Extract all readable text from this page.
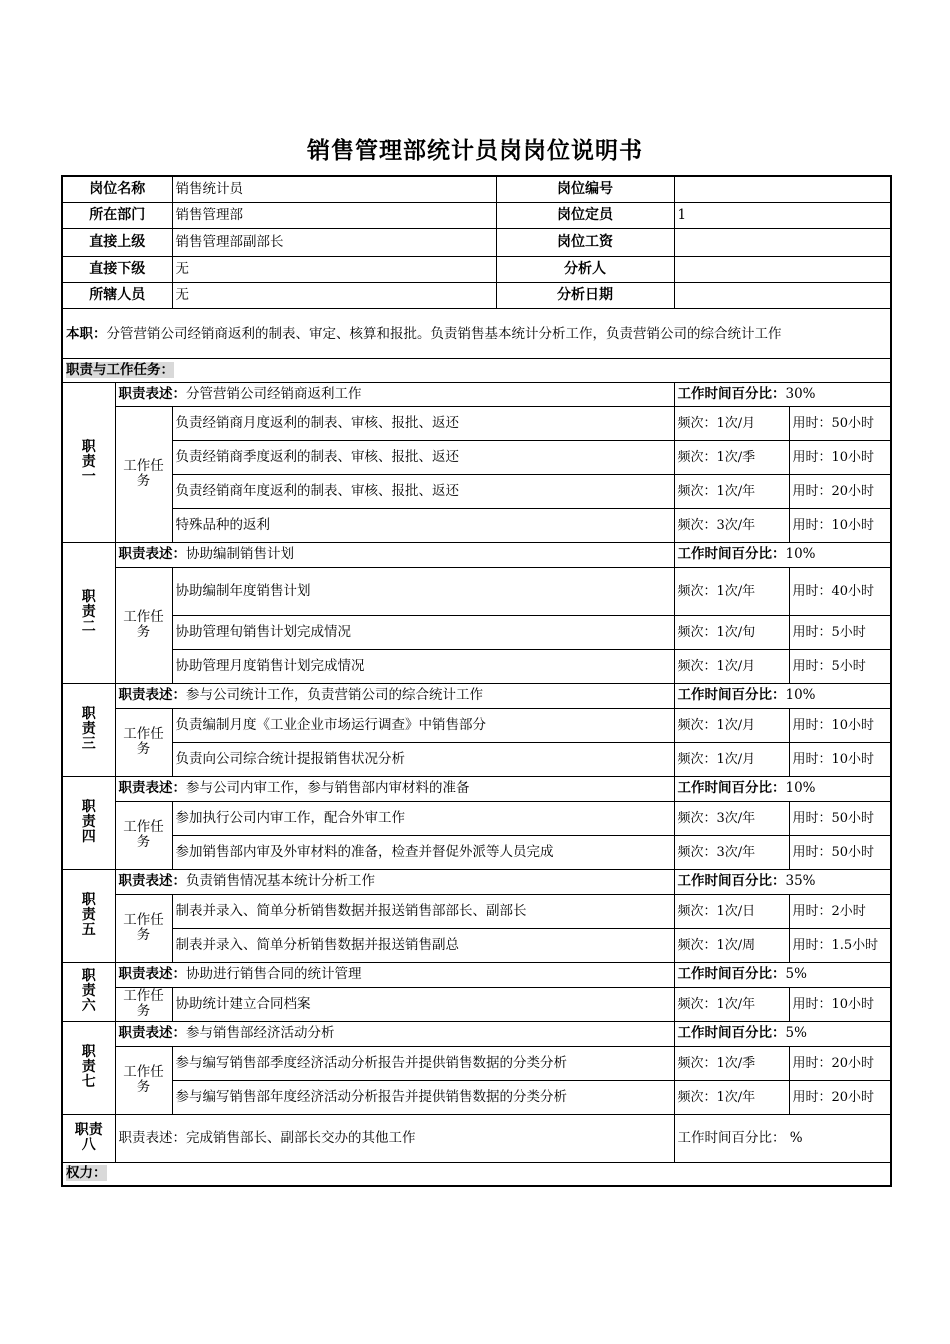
销售管理部统计员岗岗位说明书
岗位名称		销售统计员	岗位编号		
所在部门		销售管理部	岗位定员	1	
直接上级		销售管理部副部长	岗位工资		
直接下级		无	分析人		
所辖人员		无	分析日期		
本职：分管营销公司经销商返利的制表、审定、核算和报批。负责销售基本统计分析工作，负责营销公司的综合统计工作					
职责与工作任务：					
职责一	职责表述：分管营销公司经销商返利工作			工作时间百分比：30%	
	工作任务	负责经销商月度返利的制表、审核、报批、返还		频次：1次/月	用时：50小时
		负责经销商季度返利的制表、审核、报批、返还		频次：1次/季	用时：10小时
		负责经销商年度返利的制表、审核、报批、返还		频次：1次/年	用时：20小时
		特殊品种的返利		频次：3次/年	用时：10小时
职责二	职责表述：协助编制销售计划			工作时间百分比：10%	
	工作任务	协助编制年度销售计划		频次：1次/年	用时：40小时
		协助管理旬销售计划完成情况		频次：1次/旬	用时：5小时
		协助管理月度销售计划完成情况		频次：1次/月	用时：5小时
职责三	职责表述：参与公司统计工作，负责营销公司的综合统计工作			工作时间百分比：10%	
	工作任务	负责编制月度《工业企业市场运行调查》中销售部分		频次：1次/月	用时：10小时
		负责向公司综合统计提报销售状况分析		频次：1次/月	用时：10小时
职责四	职责表述：参与公司内审工作，参与销售部内审材料的准备			工作时间百分比：10%	
	工作任务	参加执行公司内审工作，配合外审工作		频次：3次/年	用时：50小时
		参加销售部内审及外审材料的准备，检查并督促外派等人员完成		频次：3次/年	用时：50小时
职责五	职责表述：负责销售情况基本统计分析工作			工作时间百分比：35%	
	工作任务	制表并录入、简单分析销售数据并报送销售部部长、副部长		频次：1次/日	用时：2小时
		制表并录入、简单分析销售数据并报送销售副总		频次：1次/周	用时：1.5小时
职责六	职责表述：协助进行销售合同的统计管理			工作时间百分比：5%	
	工作任务	协助统计建立合同档案		频次：1次/年	用时：10小时
职责七	职责表述：参与销售部经济活动分析			工作时间百分比：5%	
	工作任务	参与编写销售部季度经济活动分析报告并提供销售数据的分类分析		频次：1次/季	用时：20小时
		参与编写销售部年度经济活动分析报告并提供销售数据的分类分析		频次：1次/年	用时：20小时
职责八	职责表述：完成销售部长、副部长交办的其他工作			工作时间百分比： %	
权力：					
